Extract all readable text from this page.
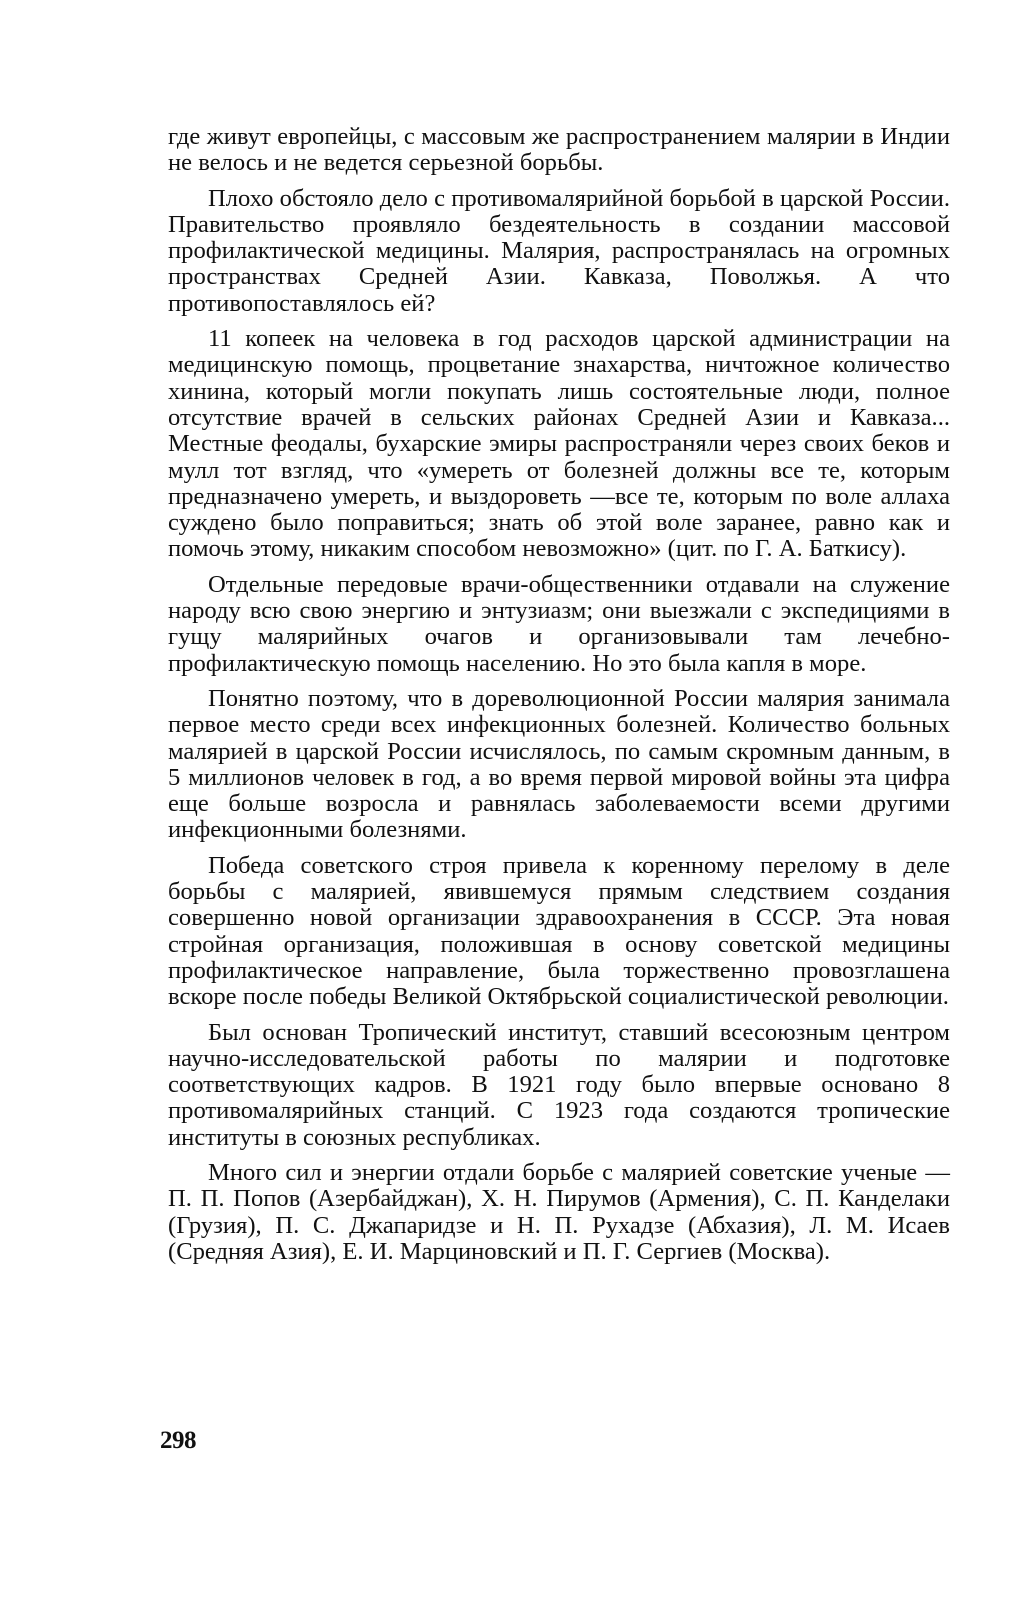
где живут европейцы, с массовым же распространением малярии в Индии не велось и не ведется серьезной борьбы.

Плохо обстояло дело с противомалярийной борьбой в царской России. Правительство проявляло бездеятельность в создании массовой профилактической медицины. Малярия, распространялась на огромных пространствах Средней Азии. Кавказа, Поволжья. А что противопоставлялось ей?

11 копеек на человека в год расходов царской администрации на медицинскую помощь, процветание знахарства, ничтожное количество хинина, который могли покупать лишь состоятельные люди, полное отсутствие врачей в сельских районах Средней Азии и Кавказа... Местные феодалы, бухарские эмиры распространяли через своих беков и мулл тот взгляд, что «умереть от болезней должны все те, которым предназначено умереть, и выздороветь —все те, которым по воле аллаха суждено было поправиться; знать об этой воле заранее, равно как и помочь этому, никаким способом невозможно» (цит. по Г. А. Баткису).

Отдельные передовые врачи-общественники отдавали на служение народу всю свою энергию и энтузиазм; они выезжали с экспедициями в гущу малярийных очагов и организовывали там лечебно-профилактическую помощь населению. Но это была капля в море.

Понятно поэтому, что в дореволюционной России малярия занимала первое место среди всех инфекционных болезней. Количество больных малярией в царской России исчислялось, по самым скромным данным, в 5 миллионов человек в год, а во время первой мировой войны эта цифра еще больше возросла и равнялась заболеваемости всеми другими инфекционными болезнями.

Победа советского строя привела к коренному перелому в деле борьбы с малярией, явившемуся прямым следствием создания совершенно новой организации здравоохранения в СССР. Эта новая стройная организация, положившая в основу советской медицины профилактическое направление, была торжественно провозглашена вскоре после победы Великой Октябрьской социалистической революции.

Был основан Тропический институт, ставший всесоюзным центром научно-исследовательской работы по малярии и подготовке соответствующих кадров. В 1921 году было впервые основано 8 противомалярийных станций. С 1923 года создаются тропические институты в союзных республиках.

Много сил и энергии отдали борьбе с малярией советские ученые — П. П. Попов (Азербайджан), X. Н. Пирумов (Армения), С. П. Канделаки (Грузия), П. С. Джапаридзе и Н. П. Рухадзе (Абхазия), Л. М. Исаев (Средняя Азия), Е. И. Марциновский и П. Г. Сергиев (Москва).

298
